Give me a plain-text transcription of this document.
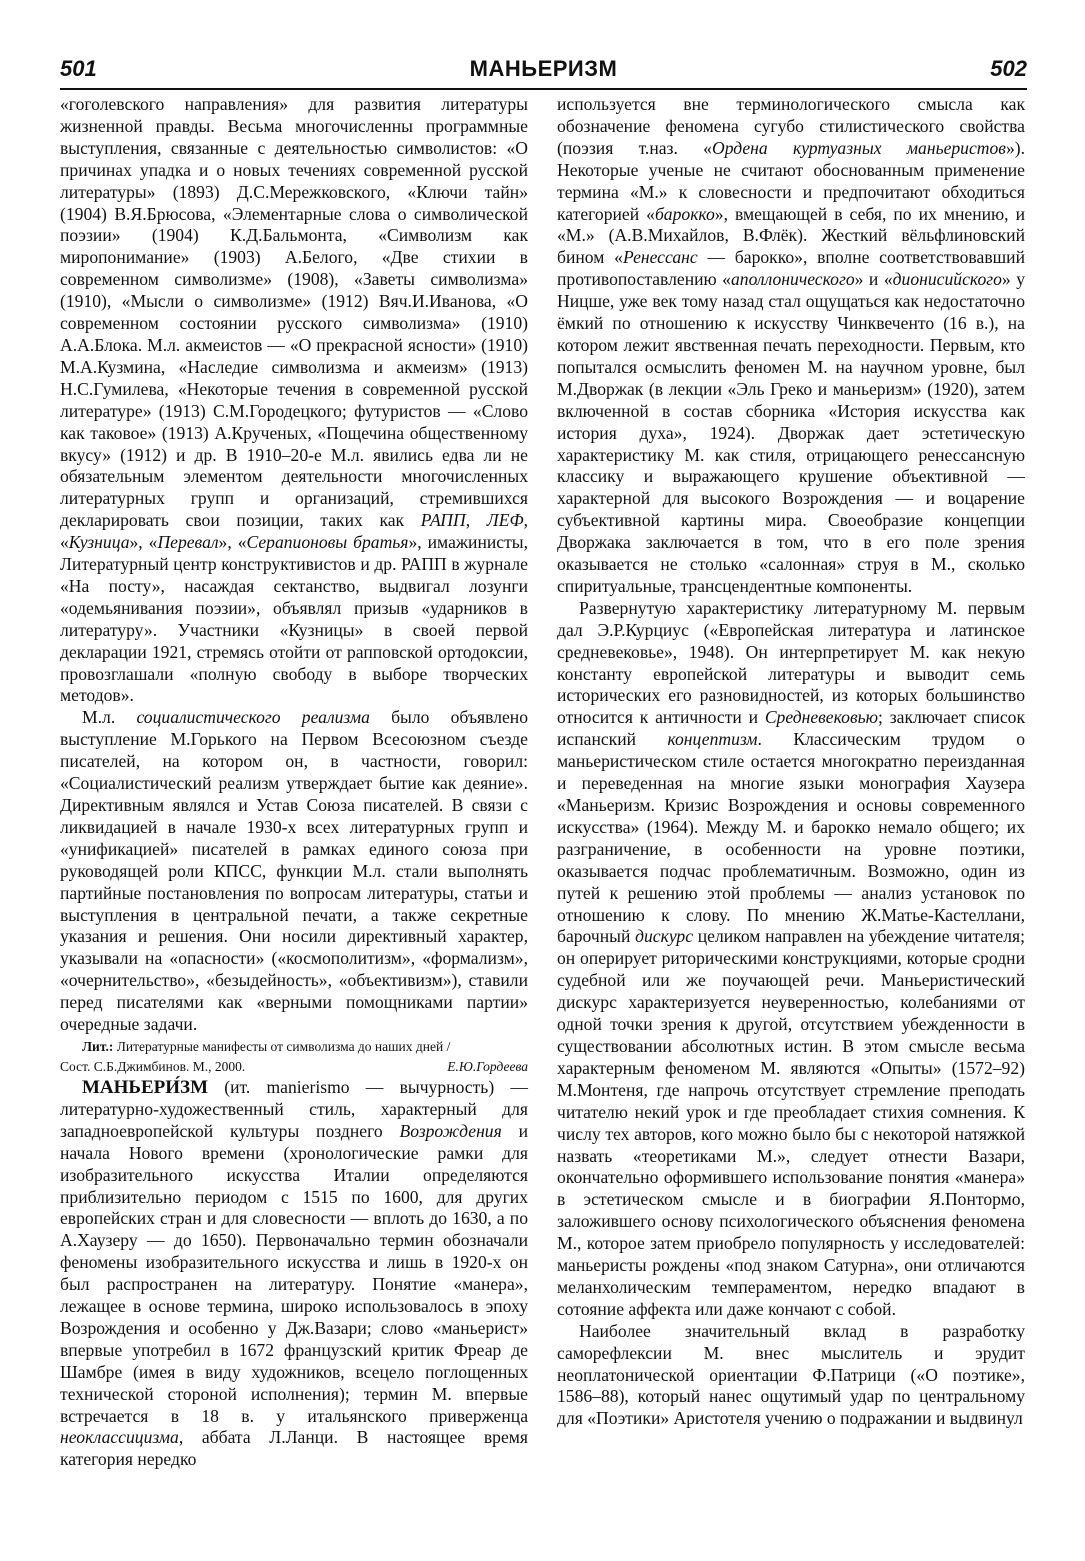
501	МАНЬЕРИЗМ	502

«гоголевского направления» для развития литературы жизненной правды. Весьма многочисленны программные выступления, связанные с деятельностью символистов: «О причинах упадка и о новых течениях современной русской литературы» (1893) Д.С.Мережковского, «Ключи тайн» (1904) В.Я.Брюсова, «Элементарные слова о символической поэзии» (1904) К.Д.Бальмонта, «Символизм как миропонимание» (1903) А.Белого, «Две стихии в современном символизме» (1908), «Заветы символизма» (1910), «Мысли о символизме» (1912) Вяч.И.Иванова, «О современном состоянии русского символизма» (1910) А.А.Блока. М.л. акмеистов — «О прекрасной ясности» (1910) М.А.Кузмина, «Наследие символизма и акмеизм» (1913) Н.С.Гумилева, «Некоторые течения в современной русской литературе» (1913) С.М.Городецкого; футуристов — «Слово как таковое» (1913) А.Крученых, «Пощечина общественному вкусу» (1912) и др. В 1910–20-е М.л. явились едва ли не обязательным элементом деятельности многочисленных литературных групп и организаций, стремившихся декларировать свои позиции, таких как РАПП, ЛЕФ, «Кузница», «Перевал», «Серапионовы братья», имажинисты, Литературный центр конструктивистов и др. РАПП в журнале «На посту», насаждая сектанство, выдвигал лозунги «одемьянивания поэзии», объявлял призыв «ударников в литературу». Участники «Кузницы» в своей первой декларации 1921, стремясь отойти от рапповской ортодоксии, провозглашали «полную свободу в выборе творческих методов».

М.л. социалистического реализма было объявлено выступление М.Горького на Первом Всесоюзном съезде писателей, на котором он, в частности, говорил: «Социалистический реализм утверждает бытие как деяние». Директивным являлся и Устав Союза писателей. В связи с ликвидацией в начале 1930-х всех литературных групп и «унификацией» писателей в рамках единого союза при руководящей роли КПСС, функции М.л. стали выполнять партийные постановления по вопросам литературы, статьи и выступления в центральной печати, а также секретные указания и решения. Они носили директивный характер, указывали на «опасности» («космополитизм», «формализм», «очернительство», «безыдейность», «объективизм»), ставили перед писателями как «верными помощниками партии» очередные задачи.

Лит.: Литературные манифесты от символизма до наших дней /
Сост. С.Б.Джимбинов. М., 2000.	Е.Ю.Гордеева

МАНЬЕРИ́ЗМ (ит. manierismo — вычурность) — литературно-художественный стиль, характерный для западноевропейской культуры позднего Возрождения и начала Нового времени (хронологические рамки для изобразительного искусства Италии определяются приблизительно периодом с 1515 по 1600, для других европейских стран и для словесности — вплоть до 1630, а по А.Хаузеру — до 1650). Первоначально термин обозначали феномены изобразительного искусства и лишь в 1920-х он был распространен на литературу. Понятие «манера», лежащее в основе термина, широко использовалось в эпоху Возрождения и особенно у Дж.Вазари; слово «маньерист» впервые употребил в 1672 французский критик Фреар де Шамбре (имея в виду художников, всецело поглощенных технической стороной исполнения); термин М. впервые встречается в 18 в. у итальянского приверженца неоклассицизма, аббата Л.Ланци. В настоящее время категория нередко

используется вне терминологического смысла как обозначение феномена сугубо стилистического свойства (поэзия т.наз. «Ордена куртуазных маньеристов»). Некоторые ученые не считают обоснованным применение термина «М.» к словесности и предпочитают обходиться категорией «барокко», вмещающей в себя, по их мнению, и «М.» (А.В.Михайлов, В.Флёк). Жесткий вёльфлиновский бином «Ренессанс — барокко», вполне соответствовавший противопоставлению «аполлонического» и «дионисийского» у Ницше, уже век тому назад стал ощущаться как недостаточно ёмкий по отношению к искусству Чинквеченто (16 в.), на котором лежит явственная печать переходности. Первым, кто попытался осмыслить феномен М. на научном уровне, был М.Дворжак (в лекции «Эль Греко и маньеризм» (1920), затем включенной в состав сборника «История искусства как история духа», 1924). Дворжак дает эстетическую характеристику М. как стиля, отрицающего ренессансную классику и выражающего крушение объективной — характерной для высокого Возрождения — и воцарение субъективной картины мира. Своеобразие концепции Дворжака заключается в том, что в его поле зрения оказывается не столько «салонная» струя в М., сколько спиритуальные, трансцендентные компоненты.

Развернутую характеристику литературному М. первым дал Э.Р.Курциус («Европейская литература и латинское средневековье», 1948). Он интерпретирует М. как некую константу европейской литературы и выводит семь исторических его разновидностей, из которых большинство относится к античности и Средневековью; заключает список испанский концептизм. Классическим трудом о маньеристическом стиле остается многократно переизданная и переведенная на многие языки монография Хаузера «Маньеризм. Кризис Возрождения и основы современного искусства» (1964). Между М. и барокко немало общего; их разграничение, в особенности на уровне поэтики, оказывается подчас проблематичным. Возможно, один из путей к решению этой проблемы — анализ установок по отношению к слову. По мнению Ж.Матье-Кастеллани, барочный дискурс целиком направлен на убеждение читателя; он оперирует риторическими конструкциями, которые сродни судебной или же поучающей речи. Маньеристический дискурс характеризуется неуверенностью, колебаниями от одной точки зрения к другой, отсутствием убежденности в существовании абсолютных истин. В этом смысле весьма характерным феноменом М. являются «Опыты» (1572–92) М.Монтеня, где напрочь отсутствует стремление преподать читателю некий урок и где преобладает стихия сомнения. К числу тех авторов, кого можно было бы с некоторой натяжкой назвать «теоретиками М.», следует отнести Вазари, окончательно оформившего использование понятия «манера» в эстетическом смысле и в биографии Я.Понтормо, заложившего основу психологического объяснения феномена М., которое затем приобрело популярность у исследователей: маньеристы рождены «под знаком Сатурна», они отличаются меланхолическим темпераментом, нередко впадают в сотояние аффекта или даже кончают с собой.

Наиболее значительный вклад в разработку саморефлексии М. внес мыслитель и эрудит неоплатонической ориентации Ф.Патрици («О поэтике», 1586–88), который нанес ощутимый удар по центральному для «Поэтики» Аристотеля учению о подражании и выдвинул
